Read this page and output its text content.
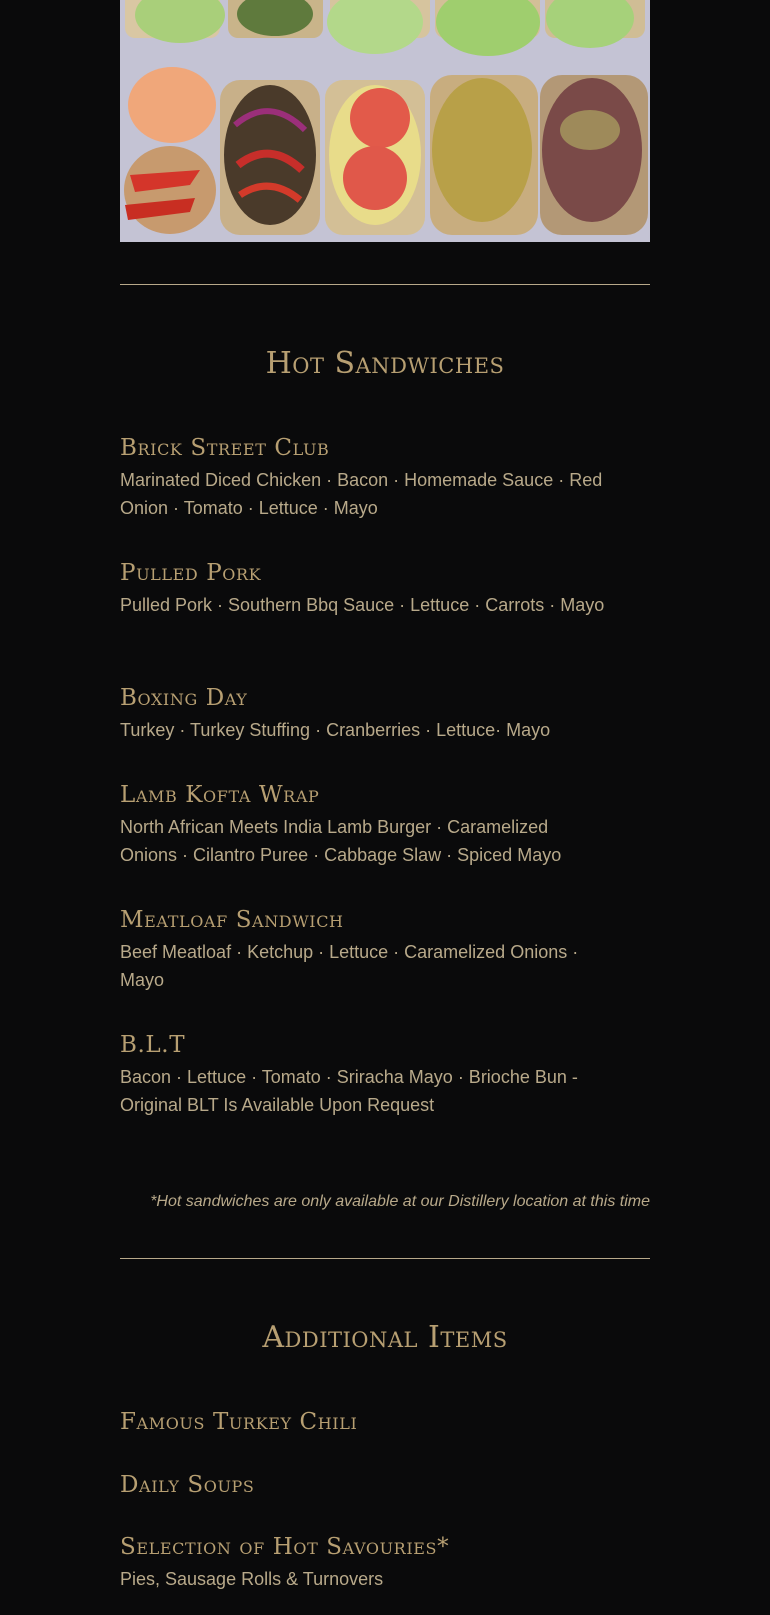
Hot Sandwiches
Brick Street Club

Marinated Diced Chicken · Bacon · Homemade Sauce · Red Onion · Tomato · Lettuce · Mayo

Pulled Pork

Pulled Pork · Southern Bbq Sauce · Lettuce · Carrots · Mayo

Boxing Day

Turkey · Turkey Stuffing · Cranberries · Lettuce· Mayo

Lamb Kofta Wrap

North African Meets India Lamb Burger · Caramelized Onions · Cilantro Puree · Cabbage Slaw · Spiced Mayo

Meatloaf Sandwich

Beef Meatloaf · Ketchup · Lettuce · Caramelized Onions · Mayo

B.L.T

Bacon · Lettuce · Tomato · Sriracha Mayo · Brioche Bun - Original BLT Is Available Upon Request

*Hot sandwiches are only available at our Distillery location at this time

Additional Items
Famous Turkey Chili
Daily Soups
Selection of Hot Savouries*

Pies, Sausage Rolls & Turnovers
